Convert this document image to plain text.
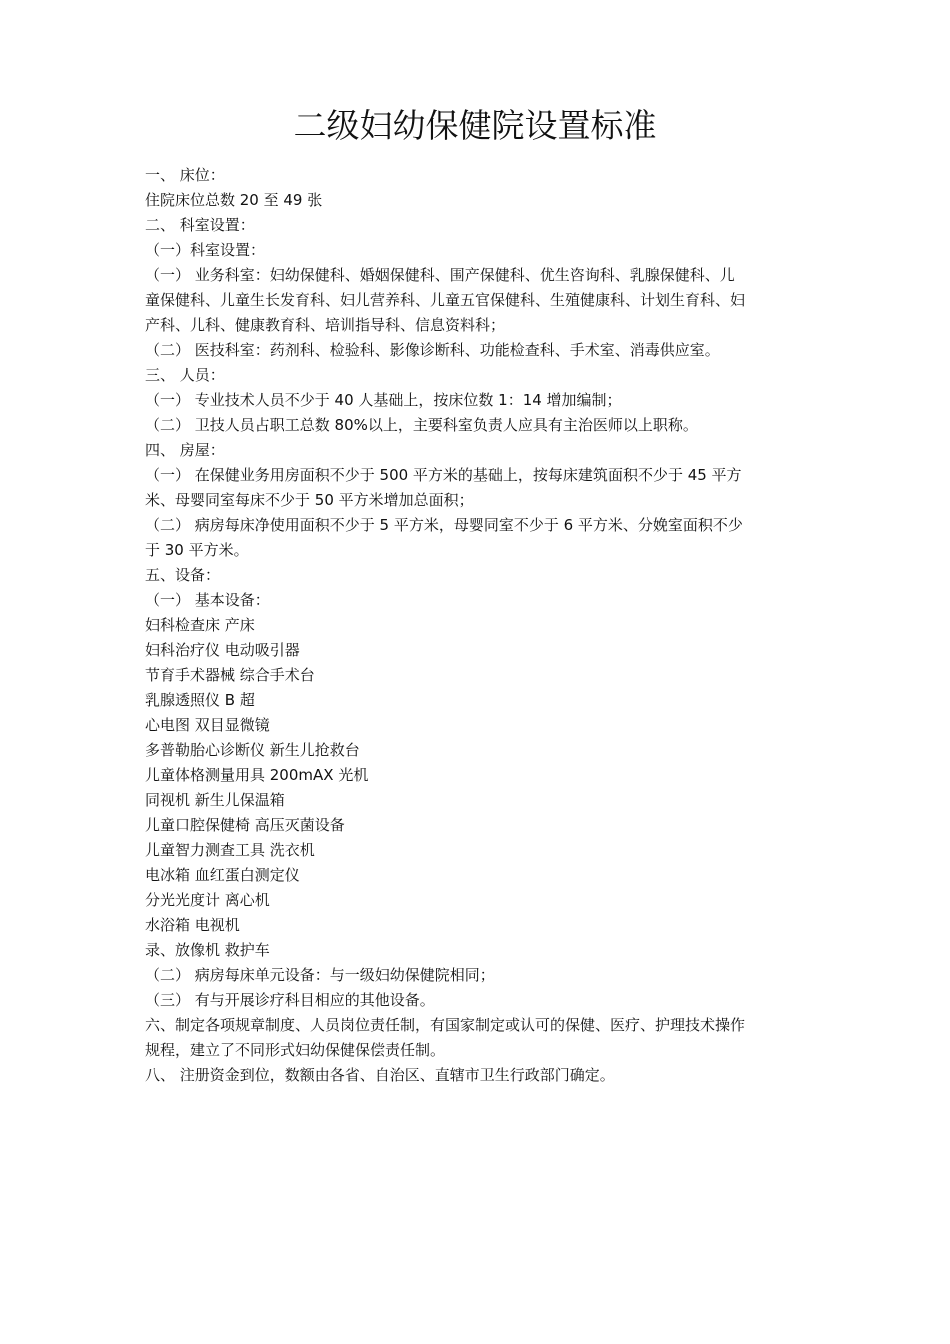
二级妇幼保健院设置标准
一、 床位：
住院床位总数 20 至 49 张
二、 科室设置：
（一）科室设置：
（一） 业务科室：妇幼保健科、婚姻保健科、围产保健科、优生咨询科、乳腺保健科、儿
童保健科、儿童生长发育科、妇儿营养科、儿童五官保健科、生殖健康科、计划生育科、妇
产科、儿科、健康教育科、培训指导科、信息资料科；
（二） 医技科室：药剂科、检验科、影像诊断科、功能检查科、手术室、消毒供应室。
三、 人员：
（一） 专业技术人员不少于 40 人基础上，按床位数 1：14 增加编制；
（二） 卫技人员占职工总数 80%以上，主要科室负责人应具有主治医师以上职称。
四、 房屋：
（一） 在保健业务用房面积不少于 500 平方米的基础上，按每床建筑面积不少于 45 平方
米、母婴同室每床不少于 50 平方米增加总面积；
（二） 病房每床净使用面积不少于 5 平方米，母婴同室不少于 6 平方米、分娩室面积不少
于 30 平方米。
五、设备：
（一） 基本设备：
妇科检查床 产床
妇科治疗仪 电动吸引器
节育手术器械 综合手术台
乳腺透照仪 B 超
心电图 双目显微镜
多普勒胎心诊断仪 新生儿抢救台
儿童体格测量用具 200mAX 光机
同视机 新生儿保温箱
儿童口腔保健椅 高压灭菌设备
儿童智力测查工具 洗衣机
电冰箱 血红蛋白测定仪
分光光度计 离心机
水浴箱 电视机
录、放像机 救护车
（二） 病房每床单元设备：与一级妇幼保健院相同；
（三） 有与开展诊疗科目相应的其他设备。
六、制定各项规章制度、人员岗位责任制，有国家制定或认可的保健、医疗、护理技术操作
规程，建立了不同形式妇幼保健保偿责任制。
八、 注册资金到位，数额由各省、自治区、直辖市卫生行政部门确定。
